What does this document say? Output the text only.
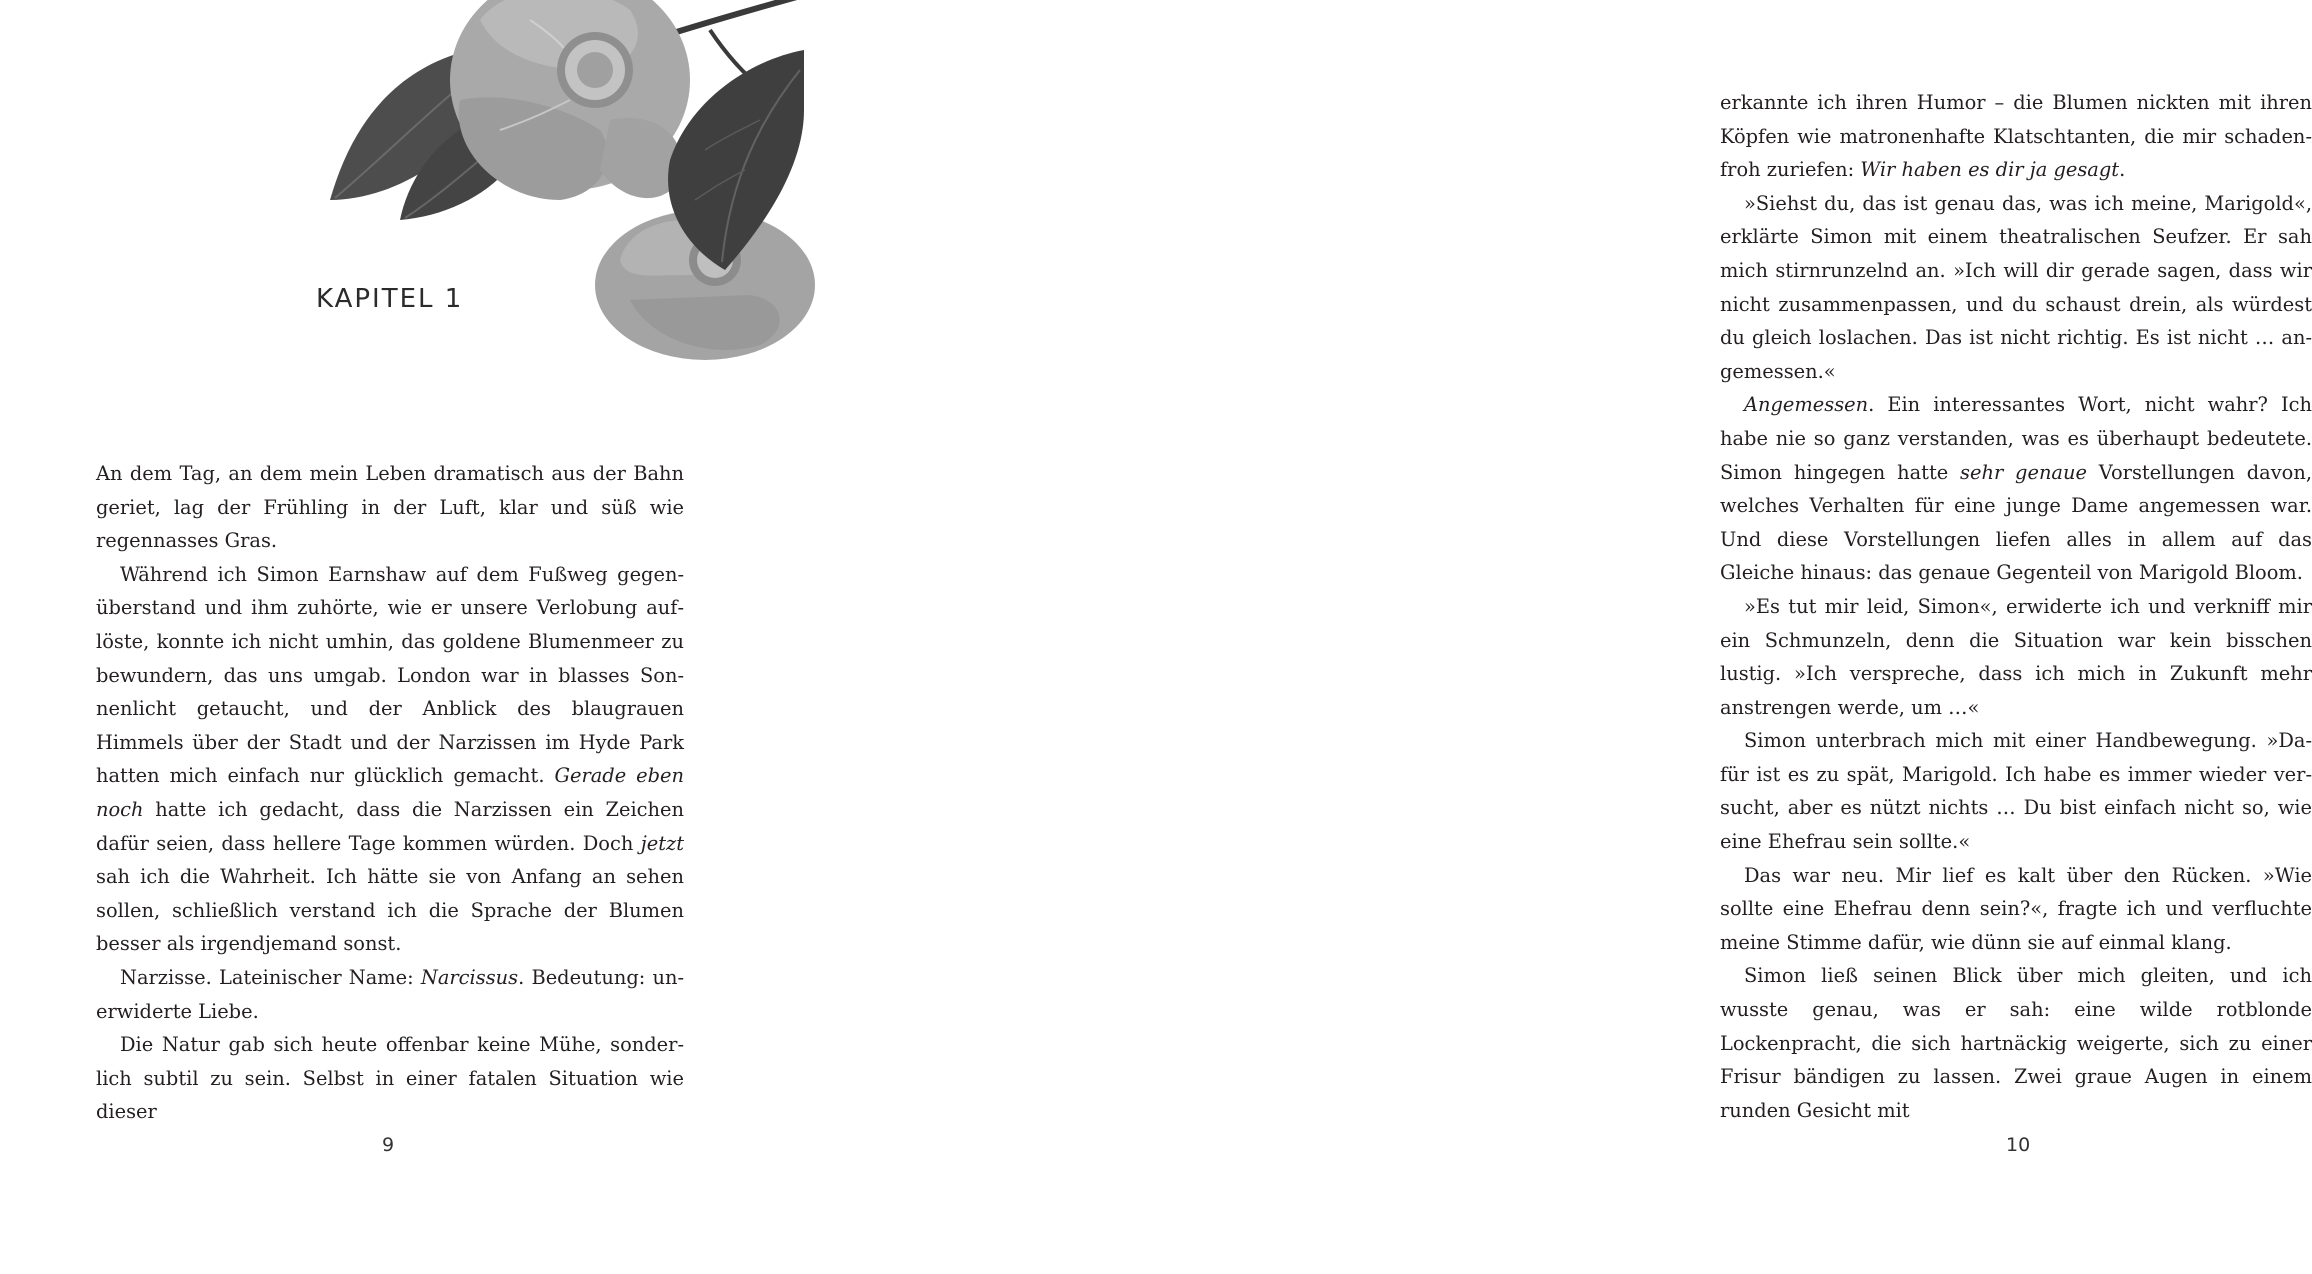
KAPITEL 1

An dem Tag, an dem mein Leben dramatisch aus der Bahn geriet, lag der Frühling in der Luft, klar und süß wie regennasses Gras.

Während ich Simon Earnshaw auf dem Fußweg gegenüberstand und ihm zuhörte, wie er unsere Verlobung auflöste, konnte ich nicht umhin, das goldene Blumenmeer zu bewundern, das uns umgab. London war in blasses Sonnenlicht getaucht, und der Anblick des blaugrauen Himmels über der Stadt und der Narzissen im Hyde Park hatten mich einfach nur glücklich gemacht. Gerade eben noch hatte ich gedacht, dass die Narzissen ein Zeichen dafür seien, dass hellere Tage kommen würden. Doch jetzt sah ich die Wahrheit. Ich hätte sie von Anfang an sehen sollen, schließlich verstand ich die Sprache der Blumen besser als irgendjemand sonst.

Narzisse. Lateinischer Name: Narcissus. Bedeutung: unerwiderte Liebe.

Die Natur gab sich heute offenbar keine Mühe, sonderlich subtil zu sein. Selbst in einer fatalen Situation wie dieser

9

erkannte ich ihren Humor – die Blumen nickten mit ihren Köpfen wie matronenhafte Klatschtanten, die mir schadenfroh zuriefen: Wir haben es dir ja gesagt.

»Siehst du, das ist genau das, was ich meine, Marigold«, erklärte Simon mit einem theatralischen Seufzer. Er sah mich stirnrunzelnd an. »Ich will dir gerade sagen, dass wir nicht zusammenpassen, und du schaust drein, als würdest du gleich loslachen. Das ist nicht richtig. Es ist nicht … angemessen.«

Angemessen. Ein interessantes Wort, nicht wahr? Ich habe nie so ganz verstanden, was es überhaupt bedeutete. Simon hingegen hatte sehr genaue Vorstellungen davon, welches Verhalten für eine junge Dame angemessen war. Und diese Vorstellungen liefen alles in allem auf das Gleiche hinaus: das genaue Gegenteil von Marigold Bloom.

»Es tut mir leid, Simon«, erwiderte ich und verkniff mir ein Schmunzeln, denn die Situation war kein bisschen lustig. »Ich verspreche, dass ich mich in Zukunft mehr anstrengen werde, um …«

Simon unterbrach mich mit einer Handbewegung. »Dafür ist es zu spät, Marigold. Ich habe es immer wieder versucht, aber es nützt nichts … Du bist einfach nicht so, wie eine Ehefrau sein sollte.«

Das war neu. Mir lief es kalt über den Rücken. »Wie sollte eine Ehefrau denn sein?«, fragte ich und verfluchte meine Stimme dafür, wie dünn sie auf einmal klang.

Simon ließ seinen Blick über mich gleiten, und ich wusste genau, was er sah: eine wilde rotblonde Lockenpracht, die sich hartnäckig weigerte, sich zu einer Frisur bändigen zu lassen. Zwei graue Augen in einem runden Gesicht mit

10
